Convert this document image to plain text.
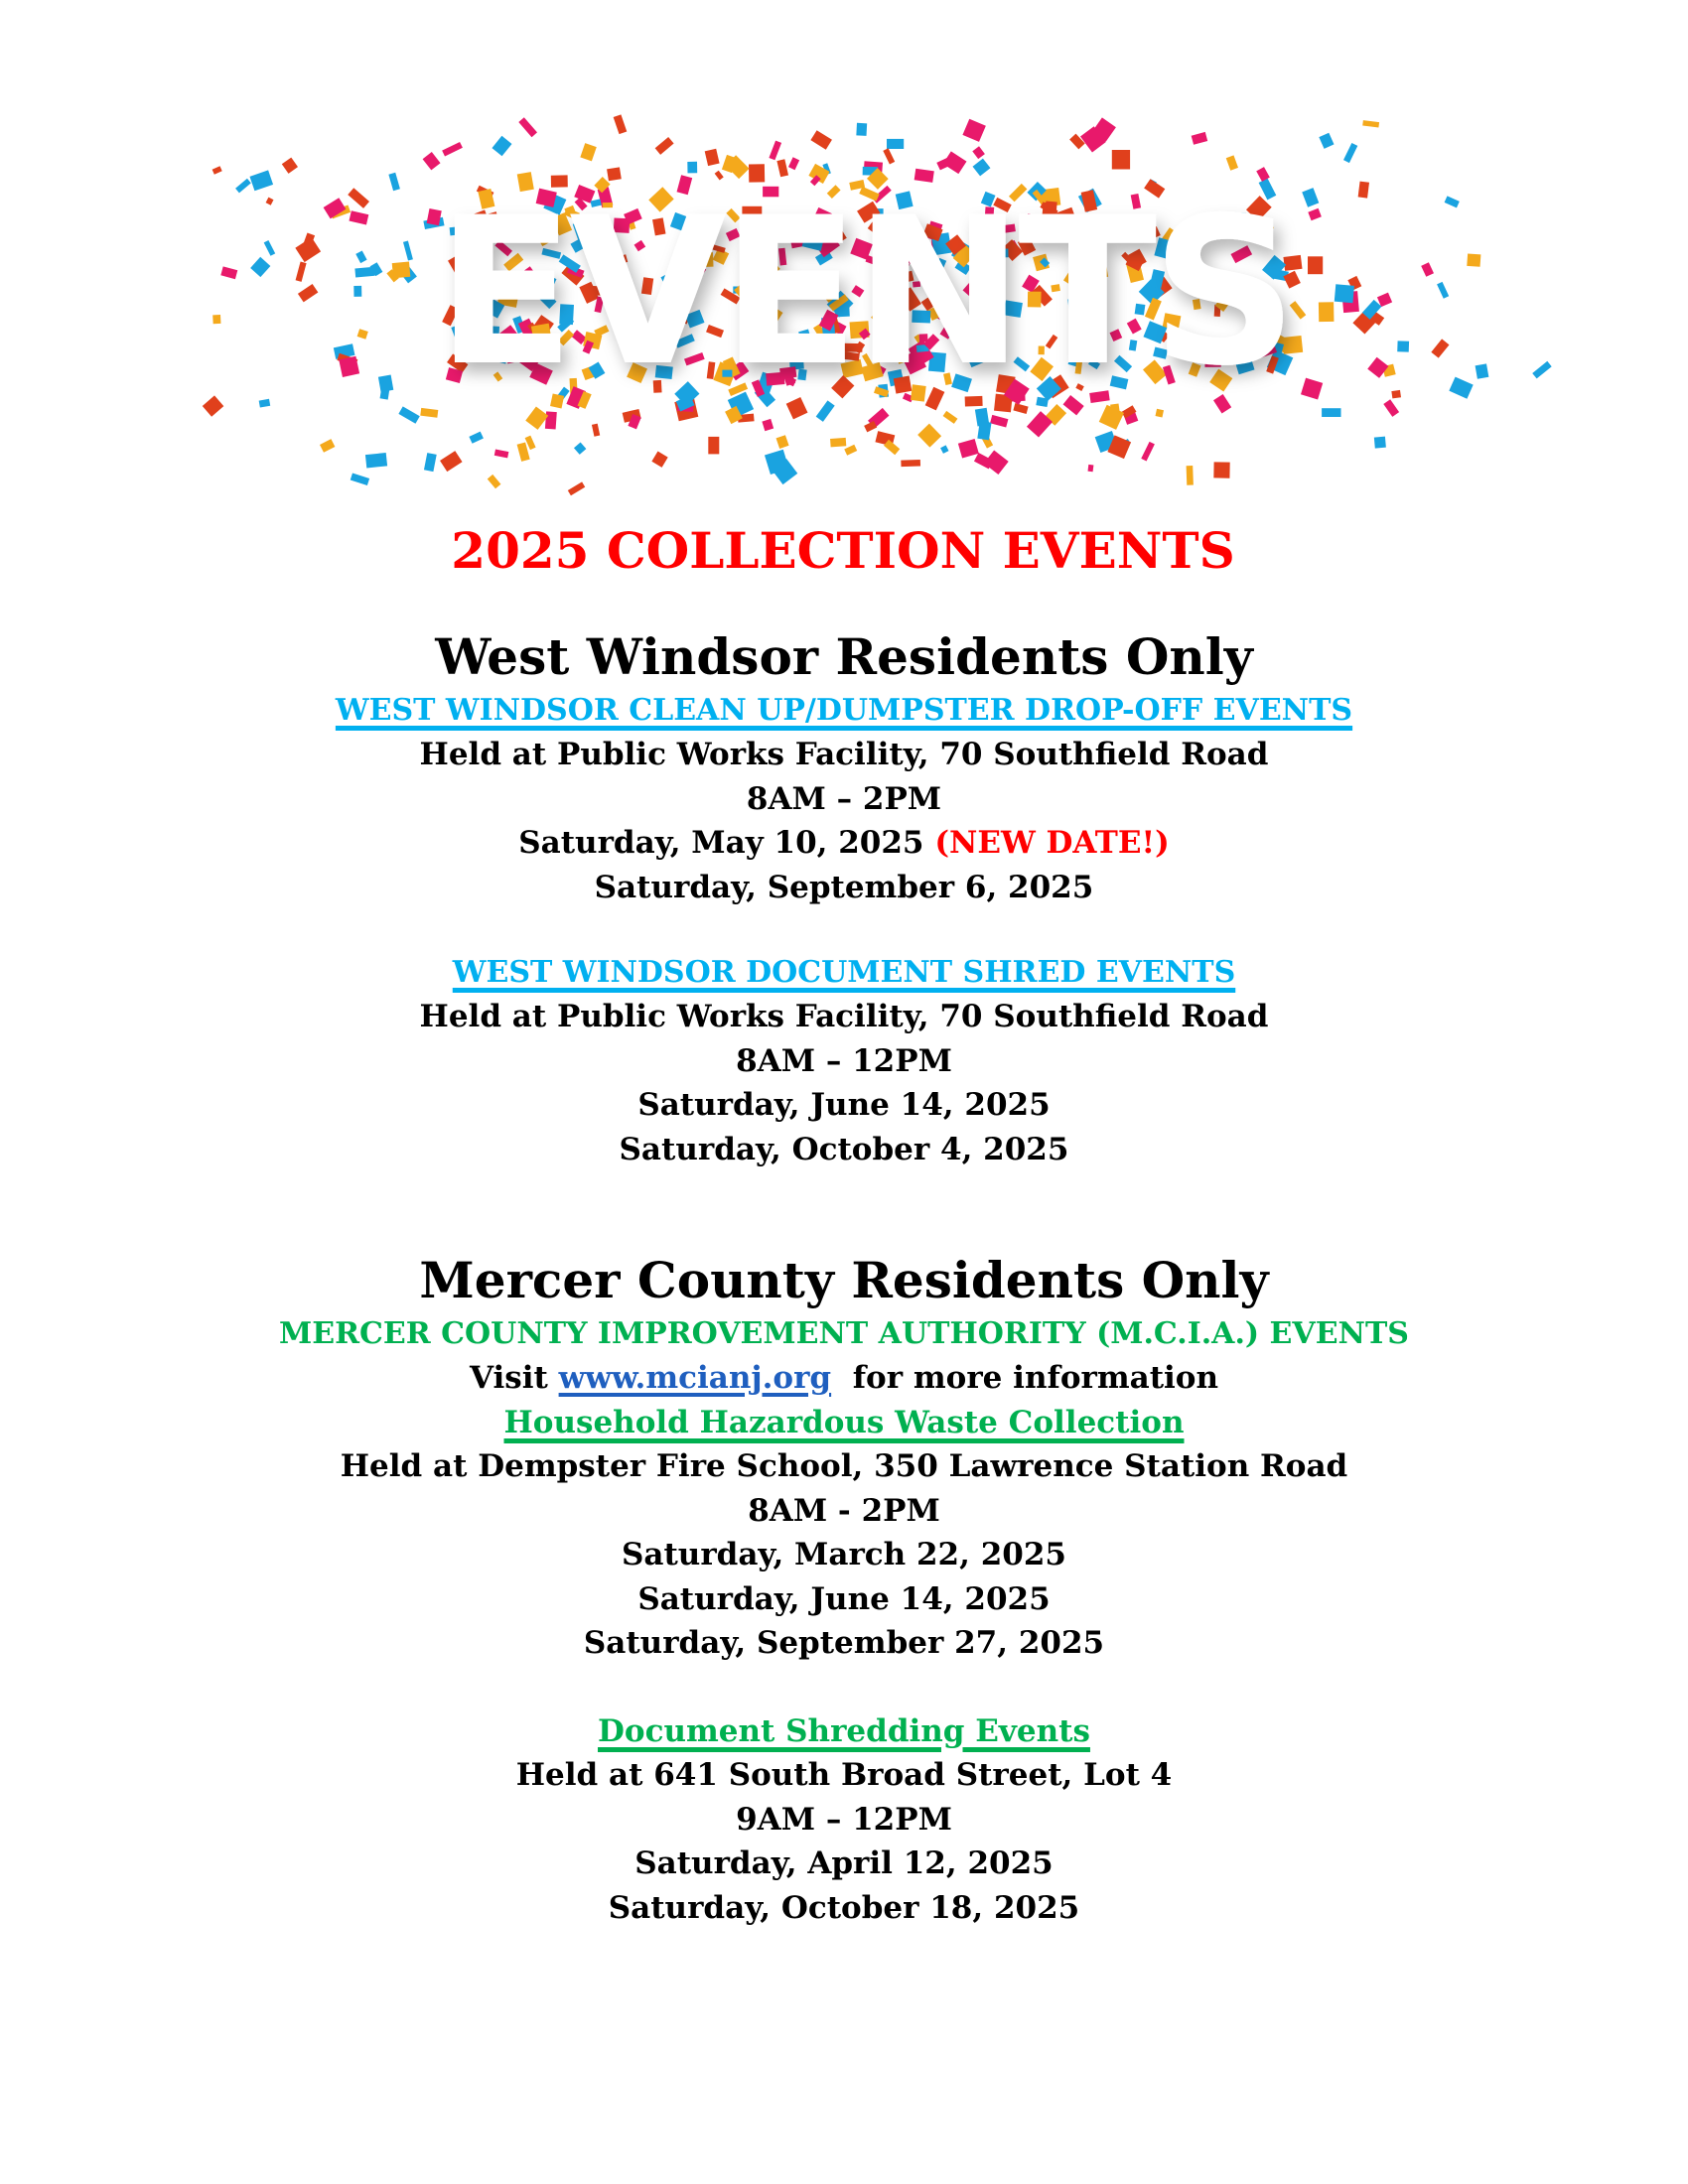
EVENTS
2025 COLLECTION EVENTS
West Windsor Residents Only
WEST WINDSOR CLEAN UP/DUMPSTER DROP-OFF EVENTS
Held at Public Works Facility, 70 Southfield Road
8AM – 2PM
Saturday, May 10, 2025 (NEW DATE!)
Saturday, September 6, 2025
WEST WINDSOR DOCUMENT SHRED EVENTS
Held at Public Works Facility, 70 Southfield Road
8AM – 12PM
Saturday, June 14, 2025
Saturday, October 4, 2025
Mercer County Residents Only
MERCER COUNTY IMPROVEMENT AUTHORITY (M.C.I.A.) EVENTS
Visit www.mcianj.org for more information
Household Hazardous Waste Collection
Held at Dempster Fire School, 350 Lawrence Station Road
8AM - 2PM
Saturday, March 22, 2025
Saturday, June 14, 2025
Saturday, September 27, 2025
Document Shredding Events
Held at 641 South Broad Street, Lot 4
9AM – 12PM
Saturday, April 12, 2025
Saturday, October 18, 2025
